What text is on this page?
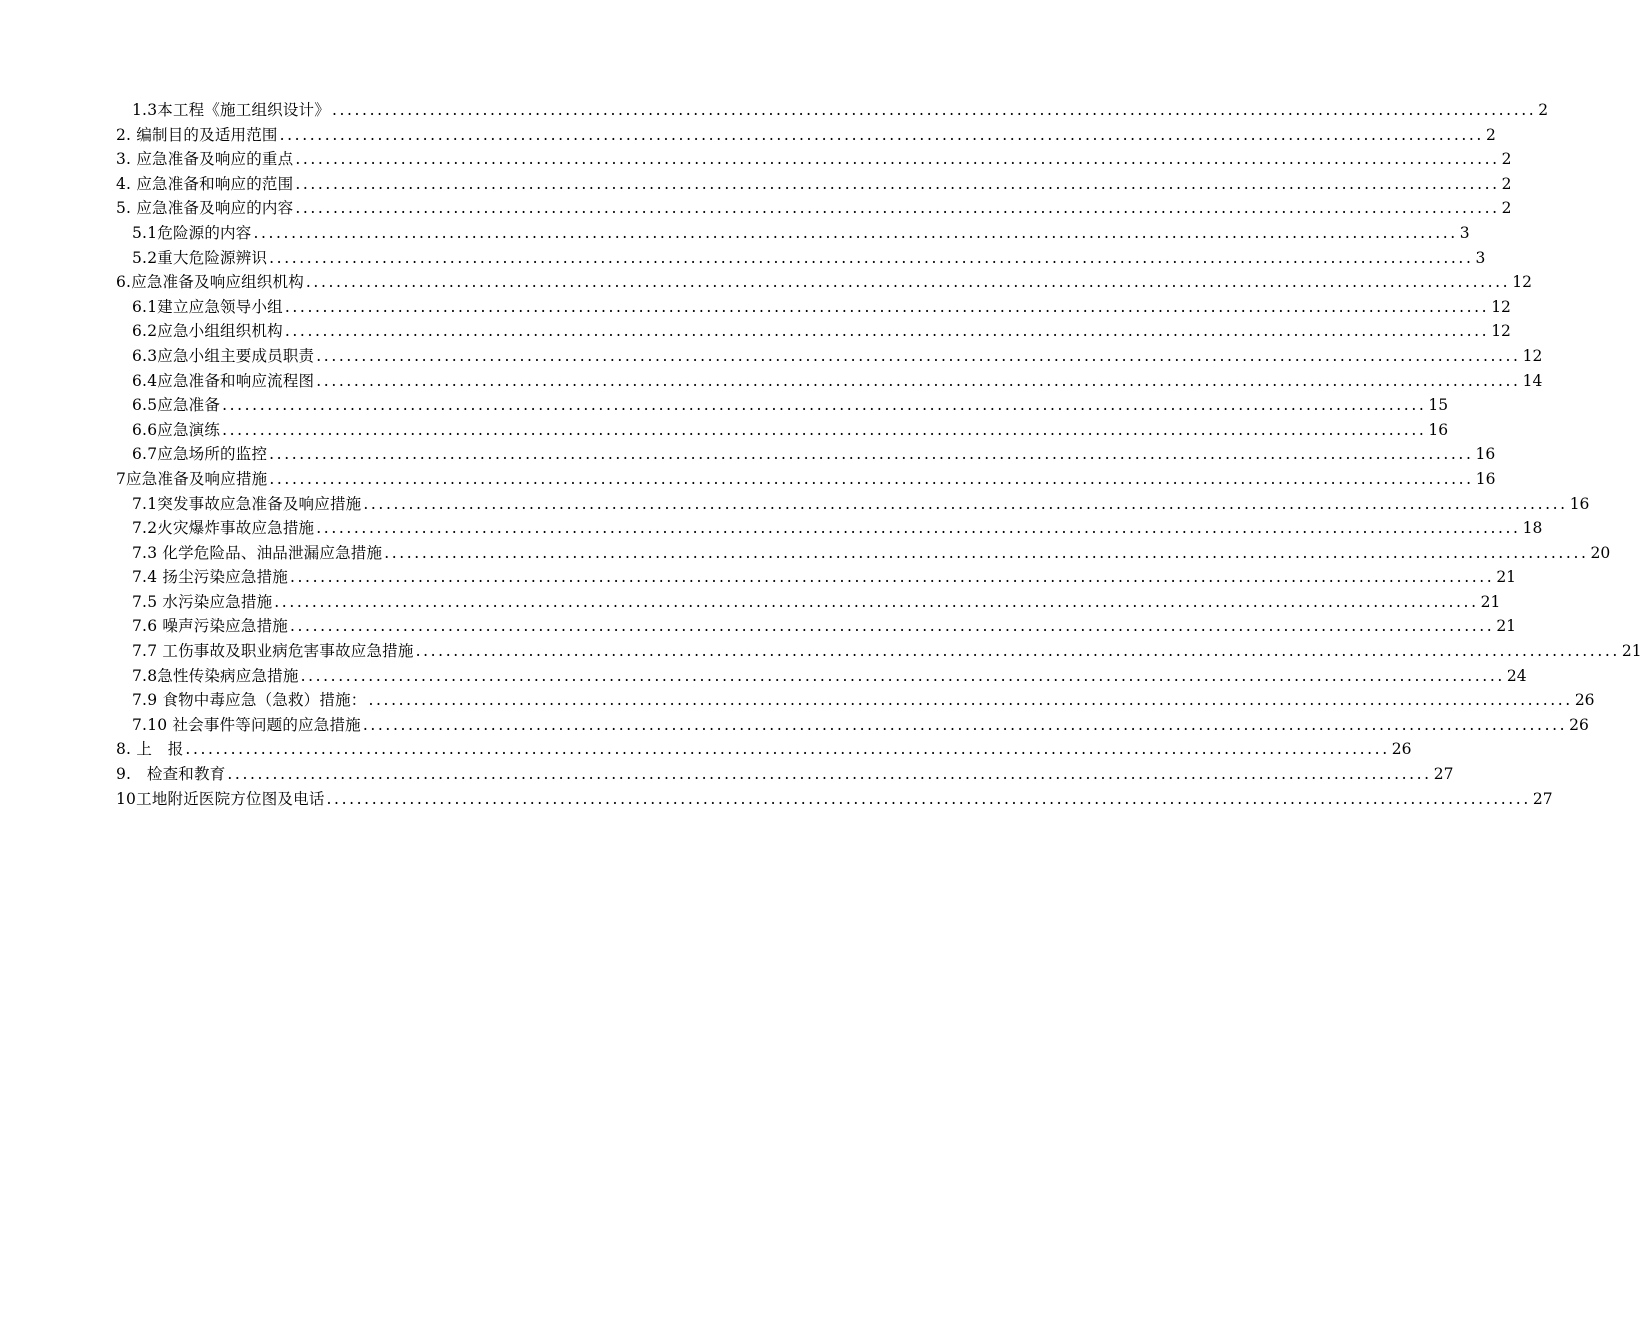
1.3本工程《施工组织设计》 ................................................................................................................................................................ 2
2. 编制目的及适用范围 ................................................................................................................................................................ 2
3. 应急准备及响应的重点 ................................................................................................................................................................ 2
4. 应急准备和响应的范围 ................................................................................................................................................................ 2
5. 应急准备及响应的内容 ................................................................................................................................................................ 2
5.1危险源的内容 ................................................................................................................................................................ 3
5.2重大危险源辨识 ................................................................................................................................................................ 3
6.应急准备及响应组织机构 ................................................................................................................................................................ 12
6.1建立应急领导小组 ................................................................................................................................................................ 12
6.2应急小组组织机构 ................................................................................................................................................................ 12
6.3应急小组主要成员职责 ................................................................................................................................................................ 12
6.4应急准备和响应流程图 ................................................................................................................................................................ 14
6.5应急准备 ................................................................................................................................................................ 15
6.6应急演练 ................................................................................................................................................................ 16
6.7应急场所的监控 ................................................................................................................................................................ 16
7应急准备及响应措施 ................................................................................................................................................................ 16
7.1突发事故应急准备及响应措施 ................................................................................................................................................................ 16
7.2火灾爆炸事故应急措施 ................................................................................................................................................................ 18
7.3 化学危险品、油品泄漏应急措施 ................................................................................................................................................................ 20
7.4 扬尘污染应急措施 ................................................................................................................................................................ 21
7.5 水污染应急措施 ................................................................................................................................................................ 21
7.6 噪声污染应急措施 ................................................................................................................................................................ 21
7.7 工伤事故及职业病危害事故应急措施 ................................................................................................................................................................ 21
7.8急性传染病应急措施 ................................................................................................................................................................ 24
7.9 食物中毒应急（急救）措施： ................................................................................................................................................................ 26
7.10 社会事件等问题的应急措施 ................................................................................................................................................................ 26
8. 上　报 ................................................................................................................................................................ 26
9.　检查和教育 ................................................................................................................................................................ 27
10工地附近医院方位图及电话 ................................................................................................................................................................ 27
